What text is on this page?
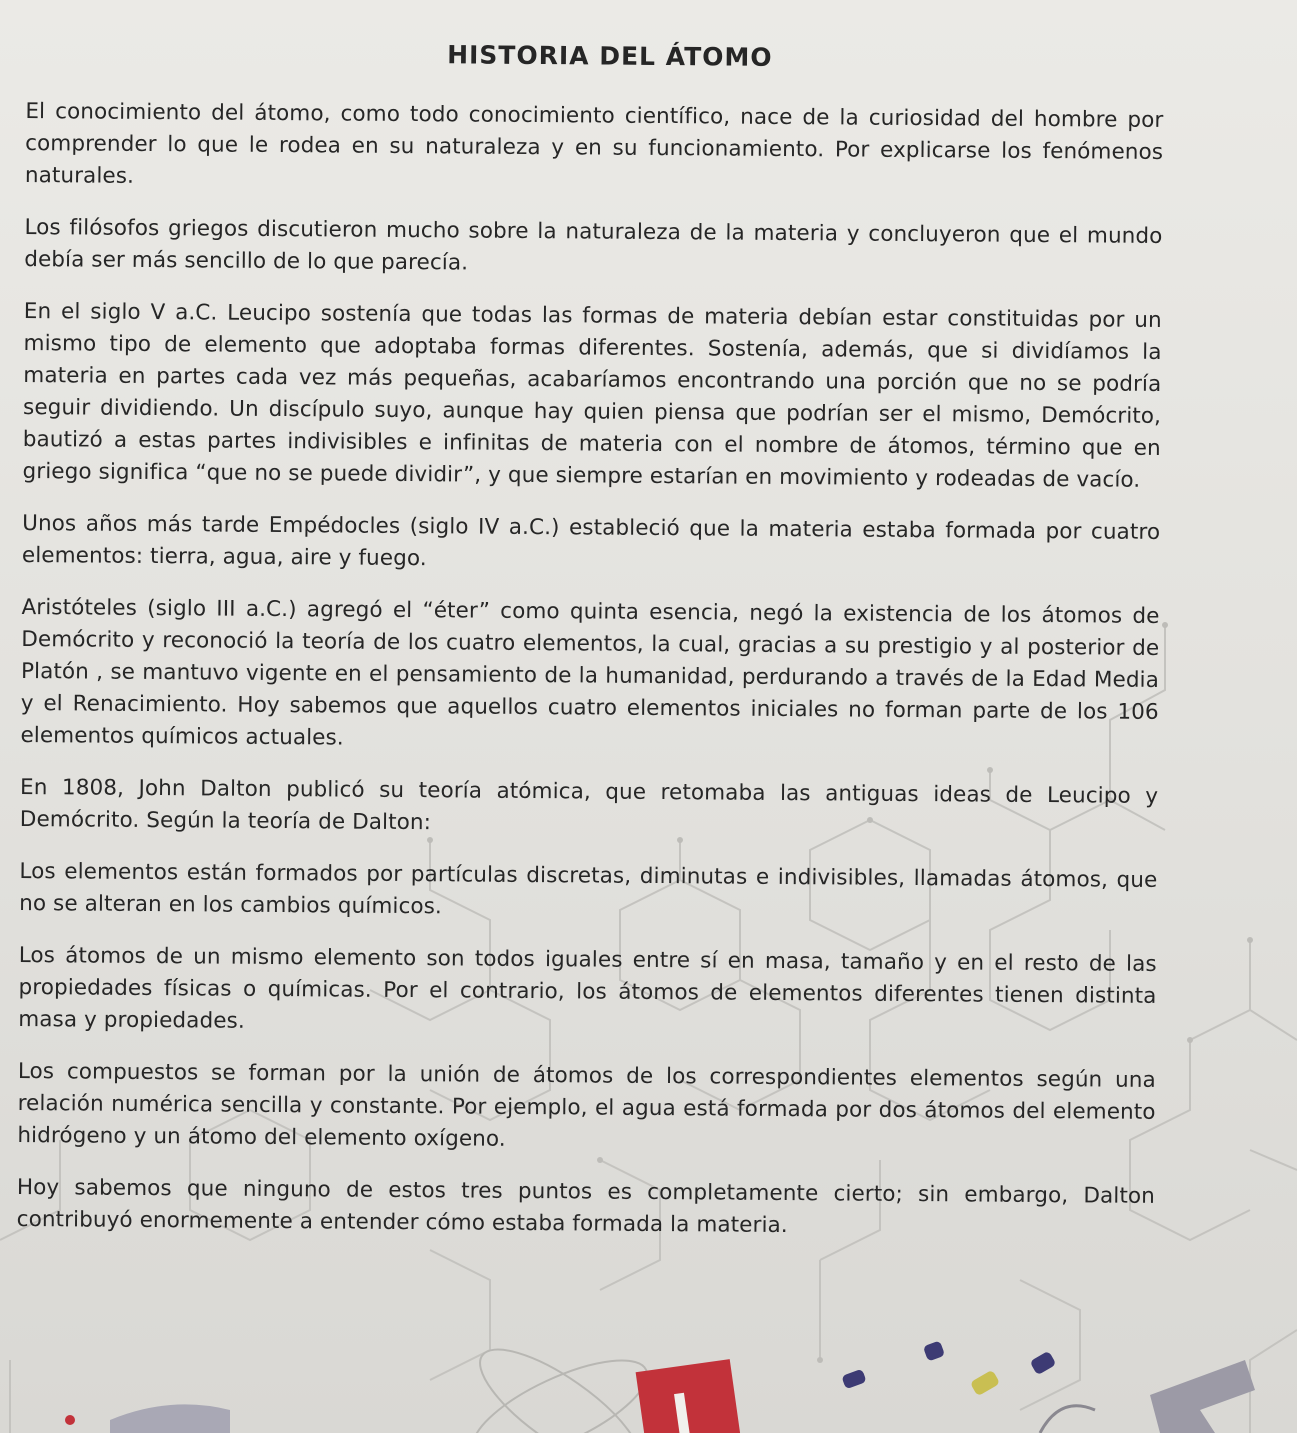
HISTORIA DEL ÁTOMO

El conocimiento del átomo, como todo conocimiento científico, nace de la curiosidad del hombre por comprender lo que le rodea en su naturaleza y en su funcionamiento. Por explicarse los fenómenos naturales.

Los filósofos griegos discutieron mucho sobre la naturaleza de la materia y concluyeron que el mundo debía ser más sencillo de lo que parecía.

En el siglo V a.C. Leucipo sostenía que todas las formas de materia debían estar constituidas por un mismo tipo de elemento que adoptaba formas diferentes. Sostenía, además, que si dividíamos la materia en partes cada vez más pequeñas, acabaríamos encontrando una porción que no se podría seguir dividiendo. Un discípulo suyo, aunque hay quien piensa que podrían ser el mismo, Demócrito, bautizó a estas partes indivisibles e infinitas de materia con el nombre de átomos, término que en griego significa “que no se puede dividir”, y que siempre estarían en movimiento y rodeadas de vacío.

Unos años más tarde Empédocles (siglo IV a.C.) estableció que la materia estaba formada por cuatro elementos: tierra, agua, aire y fuego.

Aristóteles (siglo III a.C.) agregó el “éter” como quinta esencia, negó la existencia de los átomos de Demócrito y reconoció la teoría de los cuatro elementos, la cual, gracias a su prestigio y al posterior de Platón , se mantuvo vigente en el pensamiento de la humanidad, perdurando a través de la Edad Media y el Renacimiento. Hoy sabemos que aquellos cuatro elementos iniciales no forman parte de los 106 elementos químicos actuales.

En 1808, John Dalton publicó su teoría atómica, que retomaba las antiguas ideas de Leucipo y Demócrito. Según la teoría de Dalton:

Los elementos están formados por partículas discretas, diminutas e indivisibles, llamadas átomos, que no se alteran en los cambios químicos.

Los átomos de un mismo elemento son todos iguales entre sí en masa, tamaño y en el resto de las propiedades físicas o químicas. Por el contrario, los átomos de elementos diferentes tienen distinta masa y propiedades.

Los compuestos se forman por la unión de átomos de los correspondientes elementos según una relación numérica sencilla y constante. Por ejemplo, el agua está formada por dos átomos del elemento hidrógeno y un átomo del elemento oxígeno.

Hoy sabemos que ninguno de estos tres puntos es completamente cierto; sin embargo, Dalton contribuyó enormemente a entender cómo estaba formada la materia.
